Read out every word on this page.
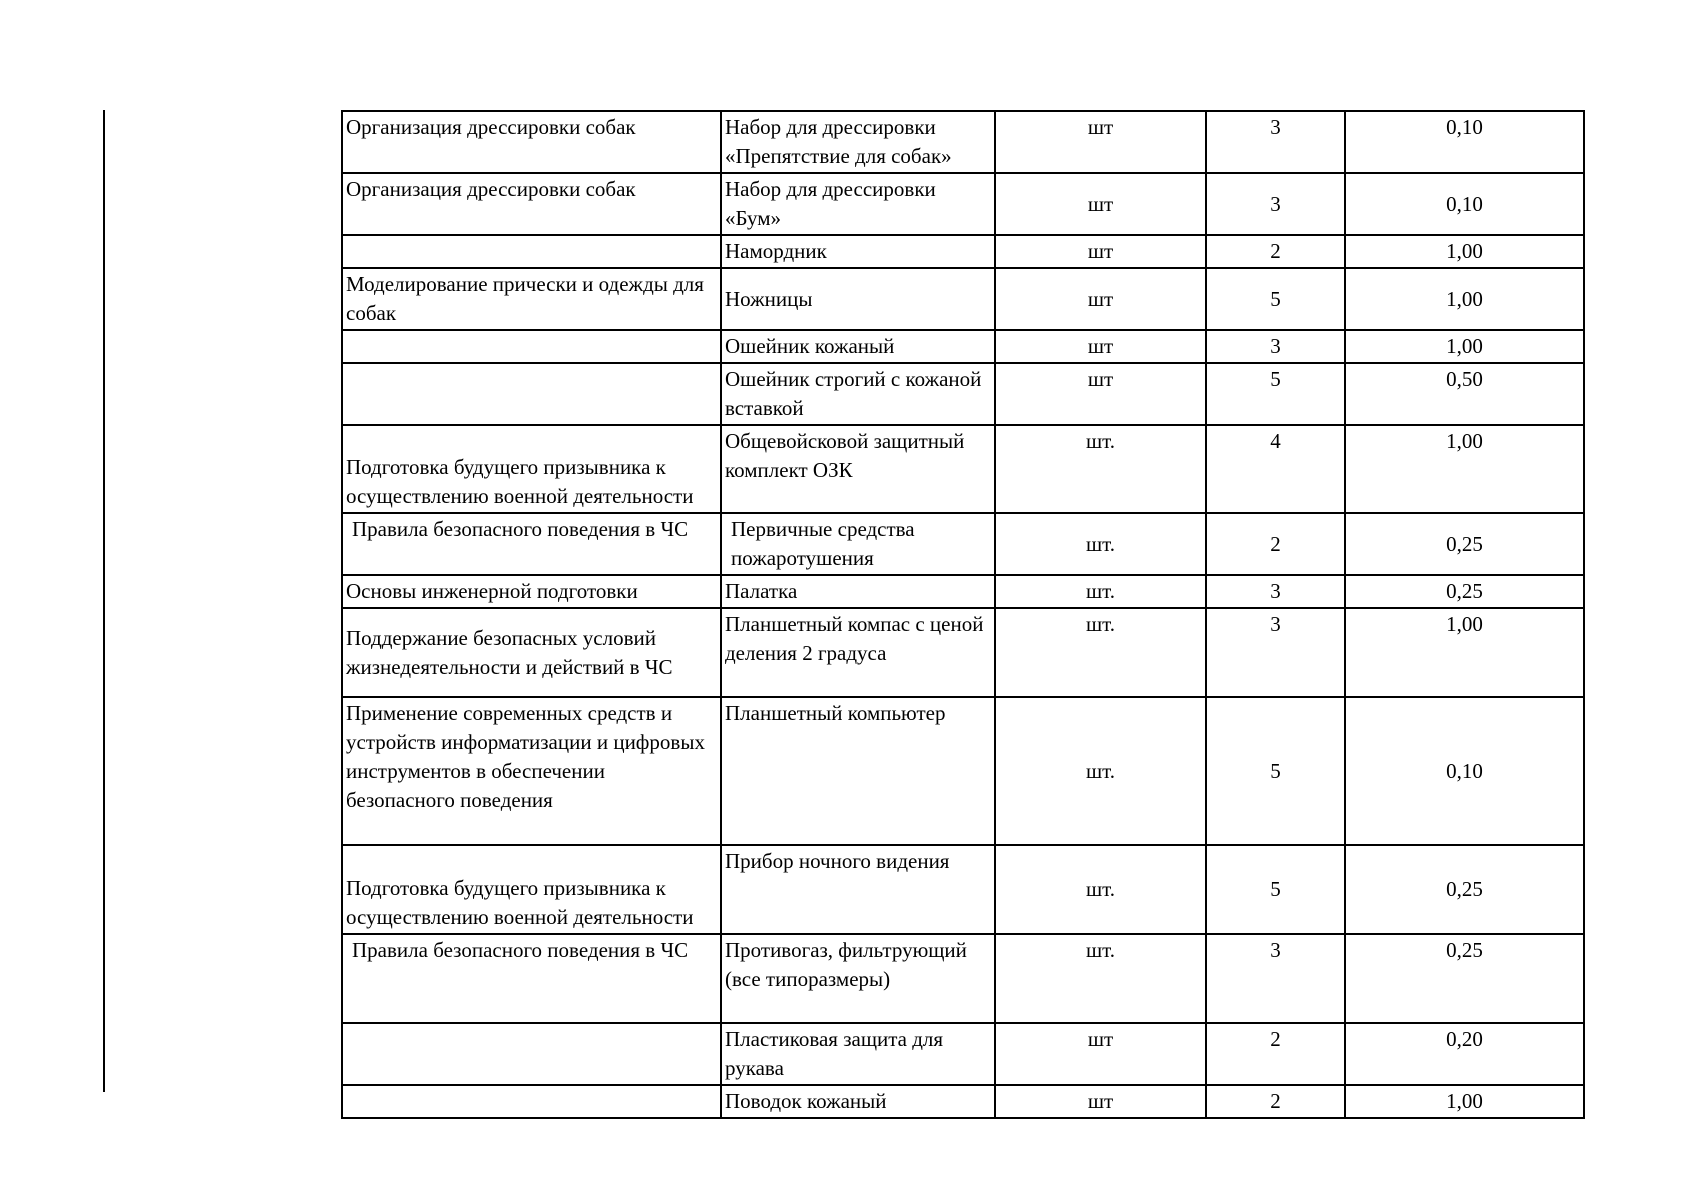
Организация дрессировки собак	Набор для дрессировки «Препятствие для собак»	шт	3	0,10
Организация дрессировки собак	Набор для дрессировки «Бум»	шт	3	0,10
	Намордник	шт	2	1,00
Моделирование прически и одежды для собак	Ножницы	шт	5	1,00
	Ошейник кожаный	шт	3	1,00
	Ошейник строгий с кожаной вставкой	шт	5	0,50
Подготовка будущего призывника к осуществлению военной деятельности	Общевойсковой защитный комплект ОЗК	шт.	4	1,00
Правила безопасного поведения в ЧС	Первичные средства пожаротушения	шт.	2	0,25
Основы инженерной подготовки	Палатка	шт.	3	0,25
Поддержание безопасных условий жизнедеятельности и действий в ЧС	Планшетный компас с ценой деления 2 градуса	шт.	3	1,00
Применение современных средств и устройств информатизации и цифровых инструментов в обеспечении безопасного поведения	Планшетный компьютер	шт.	5	0,10
Подготовка будущего призывника к осуществлению военной деятельности	Прибор ночного видения	шт.	5	0,25
Правила безопасного поведения в ЧС	Противогаз, фильтрующий (все типоразмеры)	шт.	3	0,25
	Пластиковая защита для рукава	шт	2	0,20
	Поводок кожаный	шт	2	1,00
